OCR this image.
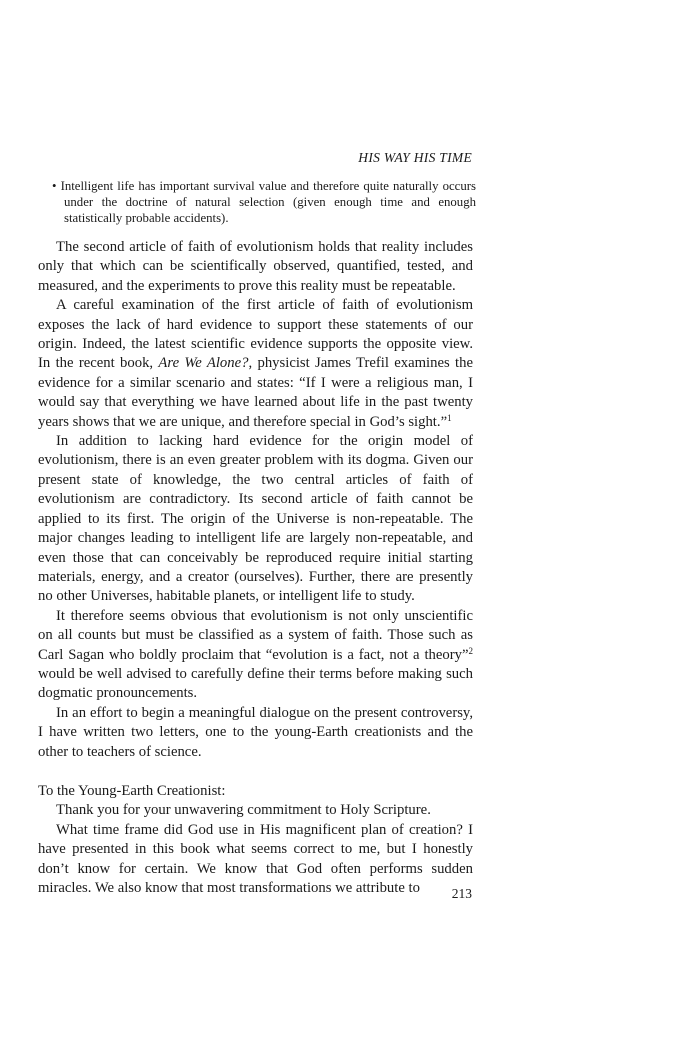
HIS WAY HIS TIME
• Intelligent life has important survival value and therefore quite naturally occurs under the doctrine of natural selection (given enough time and enough statistically probable accidents).

The second article of faith of evolutionism holds that reality includes only that which can be scientifically observed, quantified, tested, and measured, and the experiments to prove this reality must be repeatable.

A careful examination of the first article of faith of evolutionism exposes the lack of hard evidence to support these statements of our origin. Indeed, the latest scientific evidence supports the opposite view. In the recent book, Are We Alone?, physicist James Trefil examines the evidence for a similar scenario and states: “If I were a religious man, I would say that everything we have learned about life in the past twenty years shows that we are unique, and therefore special in God’s sight.”$^1$

In addition to lacking hard evidence for the origin model of evolutionism, there is an even greater problem with its dogma. Given our present state of knowledge, the two central articles of faith of evolutionism are contradictory. Its second article of faith cannot be applied to its first. The origin of the Universe is non-repeatable. The major changes leading to intelligent life are largely non-repeatable, and even those that can conceivably be reproduced require initial starting materials, energy, and a creator (ourselves). Further, there are presently no other Universes, habitable planets, or intelligent life to study.

It therefore seems obvious that evolutionism is not only unscientific on all counts but must be classified as a system of faith. Those such as Carl Sagan who boldly proclaim that “evolution is a fact, not a theory”$^2$ would be well advised to carefully define their terms before making such dogmatic pronouncements.

In an effort to begin a meaningful dialogue on the present controversy, I have written two letters, one to the young-Earth creationists and the other to teachers of science.

To the Young-Earth Creationist:

Thank you for your unwavering commitment to Holy Scripture.

What time frame did God use in His magnificent plan of creation? I have presented in this book what seems correct to me, but I honestly don’t know for certain. We know that God often performs sudden miracles. We also know that most transformations we attribute to	213
